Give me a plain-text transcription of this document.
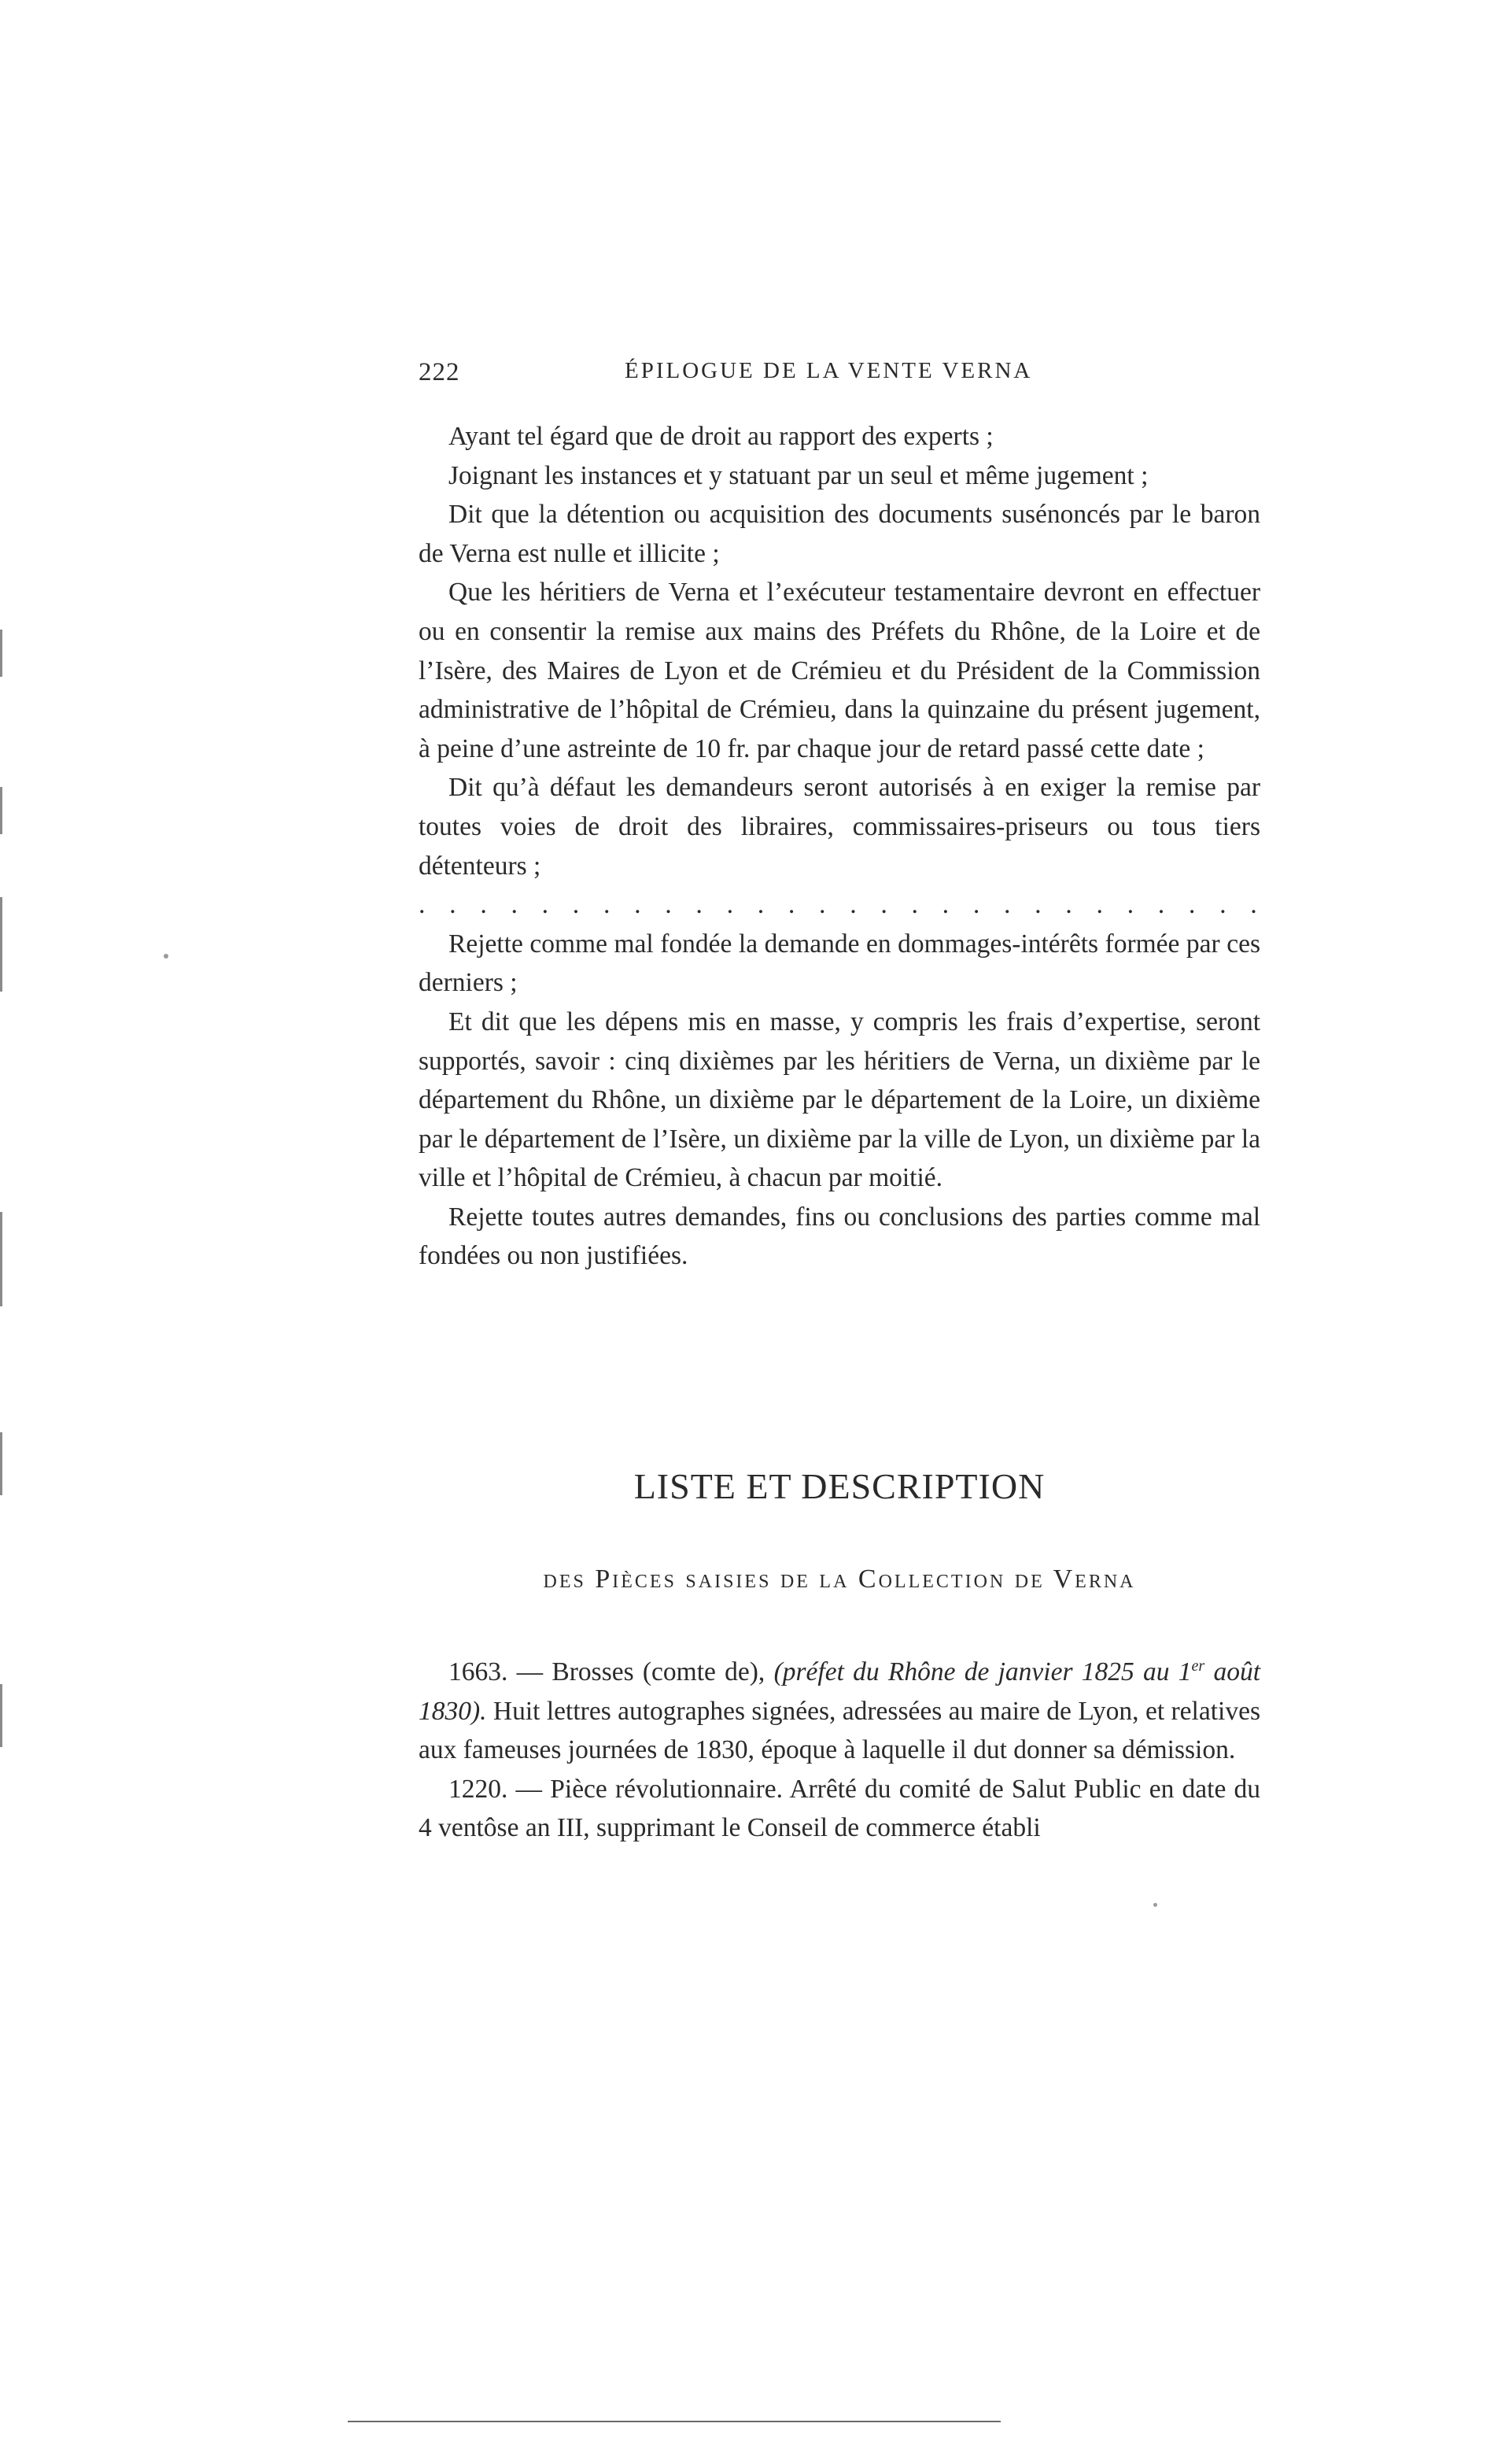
222	ÉPILOGUE DE LA VENTE VERNA

Ayant tel égard que de droit au rapport des experts ;

Joignant les instances et y statuant par un seul et même jugement ;

Dit que la détention ou acquisition des documents susénoncés par le baron de Verna est nulle et illicite ;

Que les héritiers de Verna et l’exécuteur testamentaire devront en effectuer ou en consentir la remise aux mains des Préfets du Rhône, de la Loire et de l’Isère, des Maires de Lyon et de Crémieu et du Président de la Commission administrative de l’hôpital de Crémieu, dans la quinzaine du présent jugement, à peine d’une astreinte de 10 fr. par chaque jour de retard passé cette date ;

Dit qu’à défaut les demandeurs seront autorisés à en exiger la remise par toutes voies de droit des libraires, commissaires-priseurs ou tous tiers détenteurs ;

. . . . . . . . . . . . . . . . . . . . . . . . . . . .

Rejette comme mal fondée la demande en dommages-intérêts formée par ces derniers ;

Et dit que les dépens mis en masse, y compris les frais d’expertise, seront supportés, savoir : cinq dixièmes par les héritiers de Verna, un dixième par le département du Rhône, un dixième par le département de la Loire, un dixième par le département de l’Isère, un dixième par la ville de Lyon, un dixième par la ville et l’hôpital de Crémieu, à chacun par moitié.

Rejette toutes autres demandes, fins ou conclusions des parties comme mal fondées ou non justifiées.

LISTE ET DESCRIPTION
des Pièces saisies de la Collection de Verna

1663. — Brosses (comte de), (préfet du Rhône de janvier 1825 au 1er août 1830). Huit lettres autographes signées, adressées au maire de Lyon, et relatives aux fameuses journées de 1830, époque à laquelle il dut donner sa démission.

1220. — Pièce révolutionnaire. Arrêté du comité de Salut Public en date du 4 ventôse an III, supprimant le Conseil de commerce établi
